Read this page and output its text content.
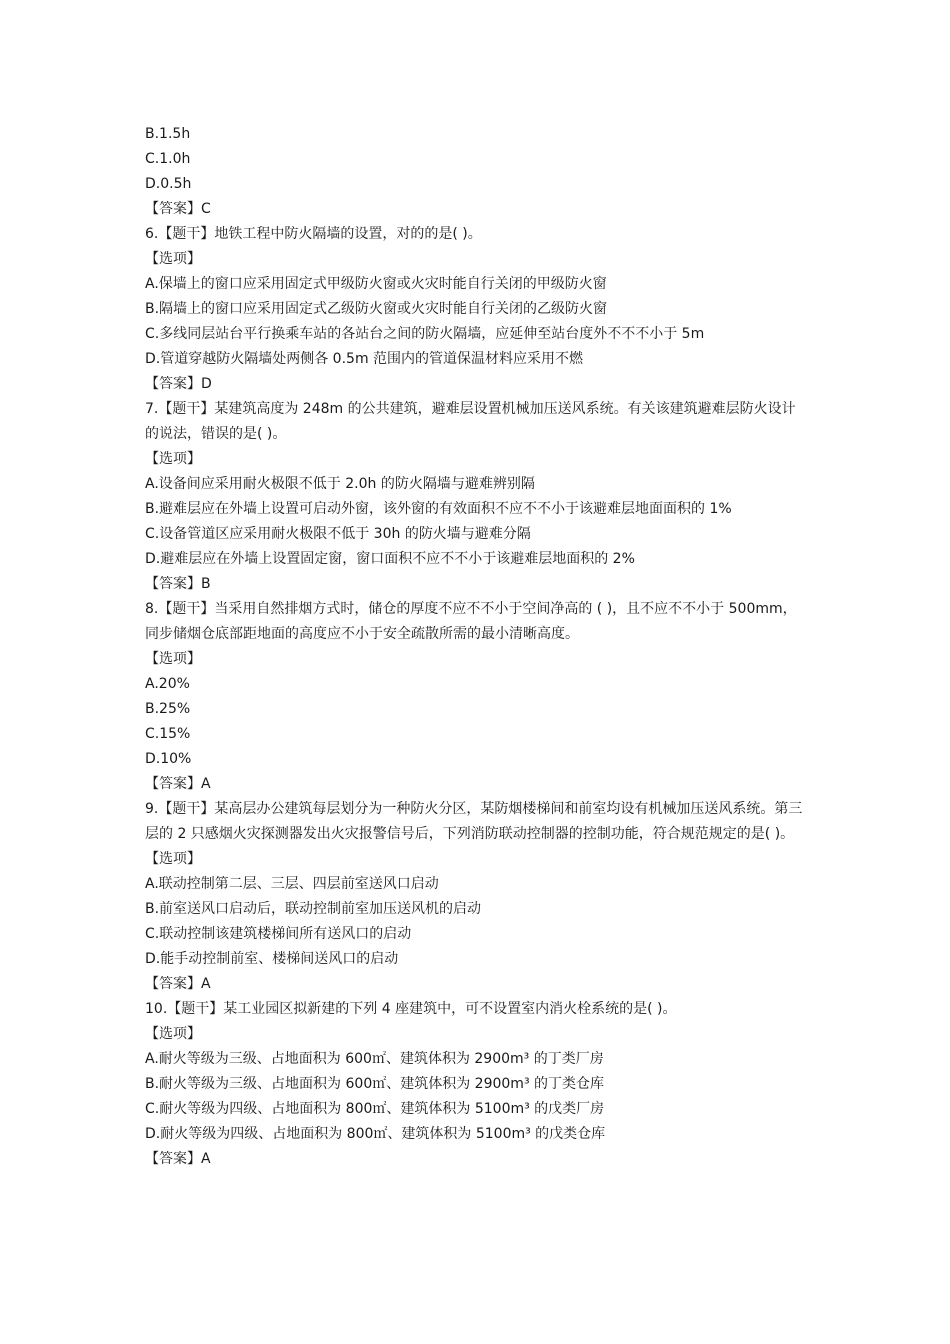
B.1.5h

C.1.0h

D.0.5h

【答案】C

6.【题干】地铁工程中防火隔墙的设置，对的的是( )。

【选项】

A.保墙上的窗口应采用固定式甲级防火窗或火灾时能自行关闭的甲级防火窗

B.隔墙上的窗口应采用固定式乙级防火窗或火灾时能自行关闭的乙级防火窗

C.多线同层站台平行换乘车站的各站台之间的防火隔墙，应延伸至站台度外不不不小于 5m

D.管道穿越防火隔墙处两侧各 0.5m 范围内的管道保温材料应采用不燃

【答案】D

7.【题干】某建筑高度为 248m 的公共建筑，避难层设置机械加压送风系统。有关该建筑避难层防火设计的说法，错误的是( )。

【选项】

A.设备间应采用耐火极限不低于 2.0h 的防火隔墙与避难辨别隔

B.避难层应在外墙上设置可启动外窗，该外窗的有效面积不应不不小于该避难层地面面积的 1%

C.设备管道区应采用耐火极限不低于 30h 的防火墙与避难分隔

D.避难层应在外墙上设置固定窗，窗口面积不应不不小于该避难层地面积的 2%

【答案】B

8.【题干】当采用自然排烟方式时，储仓的厚度不应不不小于空间净高的 ( )，且不应不不小于 500mm，同步储烟仓底部距地面的高度应不小于安全疏散所需的最小清晰高度。

【选项】

A.20%

B.25%

C.15%

D.10%

【答案】A

9.【题干】某高层办公建筑每层划分为一种防火分区，某防烟楼梯间和前室均设有机械加压送风系统。第三层的 2 只感烟火灾探测器发出火灾报警信号后，下列消防联动控制器的控制功能，符合规范规定的是( )。

【选项】

A.联动控制第二层、三层、四层前室送风口启动

B.前室送风口启动后，联动控制前室加压送风机的启动

C.联动控制该建筑楼梯间所有送风口的启动

D.能手动控制前室、楼梯间送风口的启动

【答案】A

10.【题干】某工业园区拟新建的下列 4 座建筑中，可不设置室内消火栓系统的是( )。

【选项】

A.耐火等级为三级、占地面积为 600㎡、建筑体积为 2900m³ 的丁类厂房

B.耐火等级为三级、占地面积为 600㎡、建筑体积为 2900m³ 的丁类仓库

C.耐火等级为四级、占地面积为 800㎡、建筑体积为 5100m³ 的戊类厂房

D.耐火等级为四级、占地面积为 800㎡、建筑体积为 5100m³ 的戊类仓库

【答案】A
